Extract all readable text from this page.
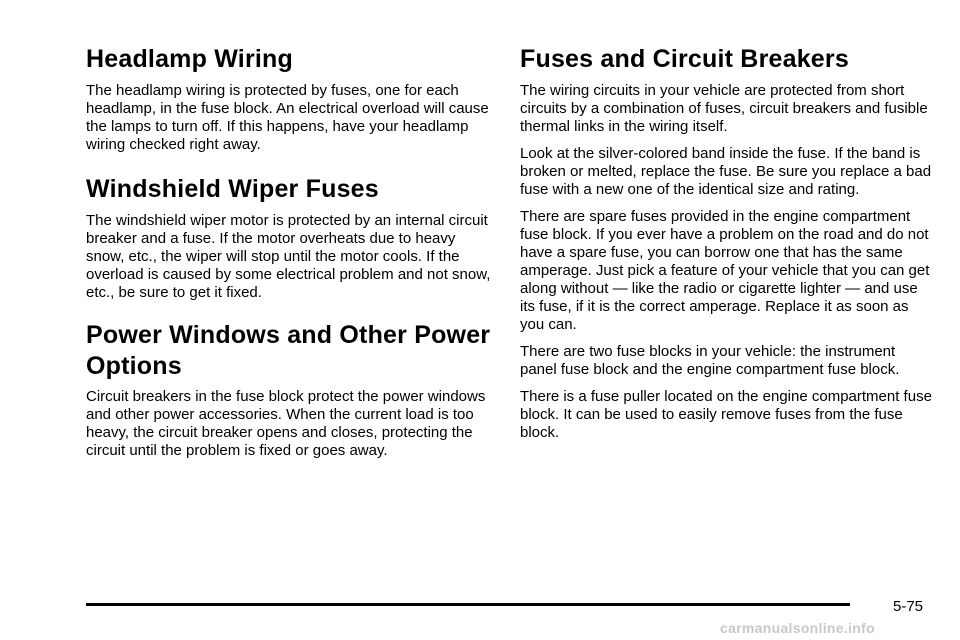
Headlamp Wiring

The headlamp wiring is protected by fuses, one for each headlamp, in the fuse block. An electrical overload will cause the lamps to turn off. If this happens, have your headlamp wiring checked right away.

Windshield Wiper Fuses

The windshield wiper motor is protected by an internal circuit breaker and a fuse. If the motor overheats due to heavy snow, etc., the wiper will stop until the motor cools. If the overload is caused by some electrical problem and not snow, etc., be sure to get it fixed.

Power Windows and Other Power Options

Circuit breakers in the fuse block protect the power windows and other power accessories. When the current load is too heavy, the circuit breaker opens and closes, protecting the circuit until the problem is fixed or goes away.

Fuses and Circuit Breakers

The wiring circuits in your vehicle are protected from short circuits by a combination of fuses, circuit breakers and fusible thermal links in the wiring itself.

Look at the silver-colored band inside the fuse. If the band is broken or melted, replace the fuse. Be sure you replace a bad fuse with a new one of the identical size and rating.

There are spare fuses provided in the engine compartment fuse block. If you ever have a problem on the road and do not have a spare fuse, you can borrow one that has the same amperage. Just pick a feature of your vehicle that you can get along without — like the radio or cigarette lighter — and use its fuse, if it is the correct amperage. Replace it as soon as you can.

There are two fuse blocks in your vehicle: the instrument panel fuse block and the engine compartment fuse block.

There is a fuse puller located on the engine compartment fuse block. It can be used to easily remove fuses from the fuse block.

5-75
carmanualsonline.info
